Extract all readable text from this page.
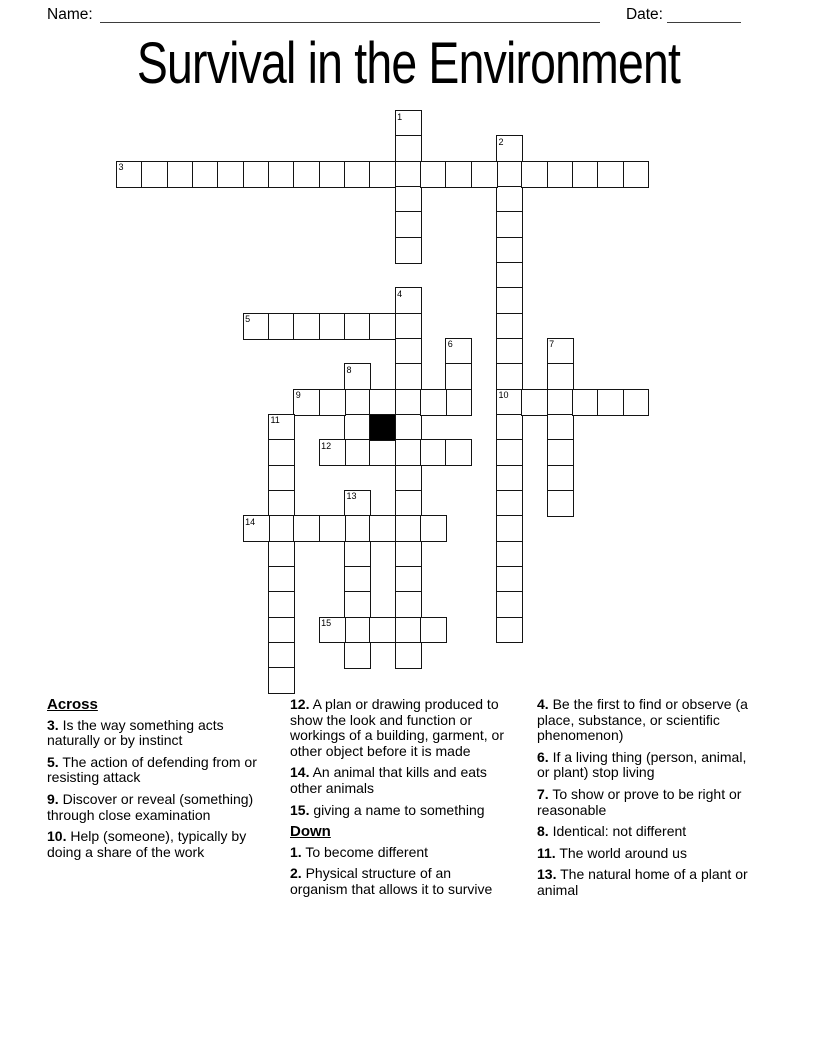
Name:	Date:
Survival in the Environment
1
2
10
3
4
5
6	7
8
9
11
12
13
14
15
Across
3. Is the way something acts naturally or by instinct
5. The action of defending from or resisting attack
9. Discover or reveal (something) through close examination
10. Help (someone), typically by doing a share of the work
12. A plan or drawing produced to show the look and function or workings of a building, garment, or other object before it is made
14. An animal that kills and eats other animals
15. giving a name to something
Down
1. To become different
2. Physical structure of an organism that allows it to survive
4. Be the first to find or observe (a place, substance, or scientific phenomenon)
6. If a living thing (person, animal, or plant) stop living
7. To show or prove to be right or reasonable
8. Identical: not different
11. The world around us
13. The natural home of a plant or animal
